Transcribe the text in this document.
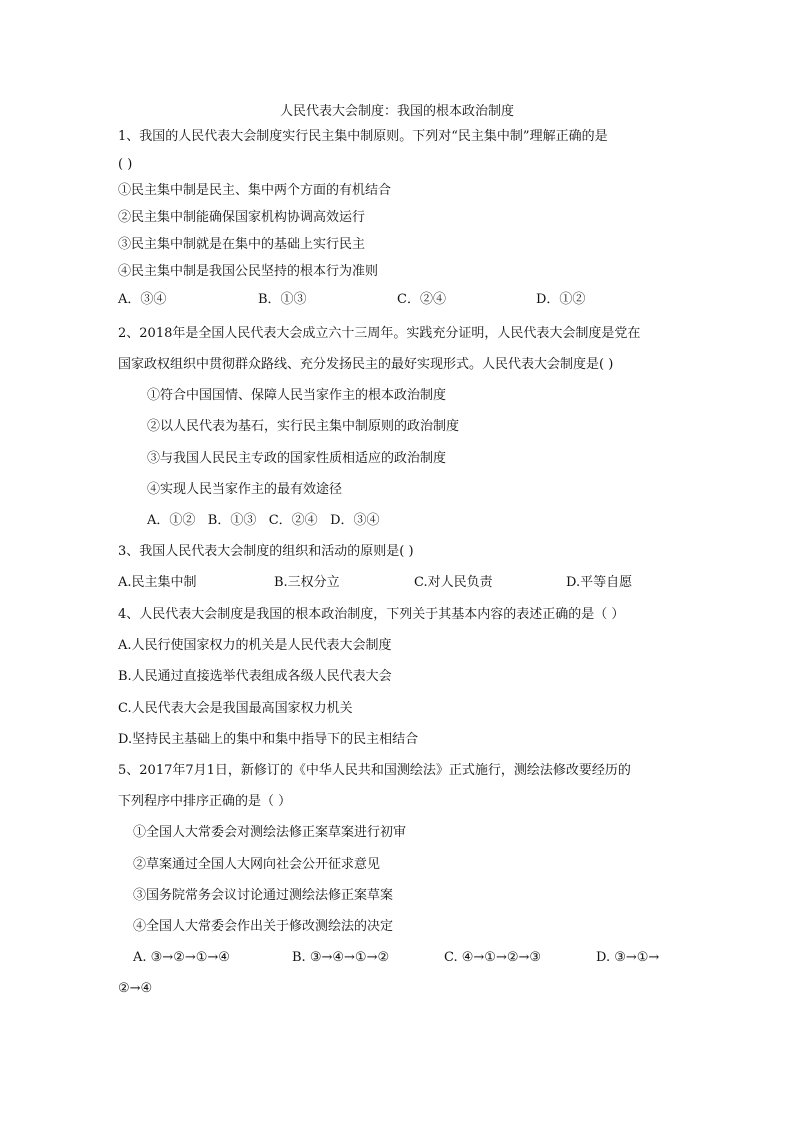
人民代表大会制度：我国的根本政治制度
1、我国的人民代表大会制度实行民主集中制原则。下列对“民主集中制”理解正确的是
( )
①民主集中制是民主、集中两个方面的有机结合
②民主集中制能确保国家机构协调高效运行
③民主集中制就是在集中的基础上实行民主
④民主集中制是我国公民坚持的根本行为准则
A．③④	B．①③	C．②④	D．①②
2、2018年是全国人民代表大会成立六十三周年。实践充分证明，人民代表大会制度是党在
国家政权组织中贯彻群众路线、充分发扬民主的最好实现形式。人民代表大会制度是( )
①符合中国国情、保障人民当家作主的根本政治制度
②以人民代表为基石，实行民主集中制原则的政治制度
③与我国人民民主专政的国家性质相适应的政治制度
④实现人民当家作主的最有效途径
A．①②   B．①③   C．②④   D．③④
3、我国人民代表大会制度的组织和活动的原则是( )
A.民主集中制	B.三权分立	C.对人民负责	D.平等自愿
4、人民代表大会制度是我国的根本政治制度，下列关于其基本内容的表述正确的是（ ）
A.人民行使国家权力的机关是人民代表大会制度
B.人民通过直接选举代表组成各级人民代表大会
C.人民代表大会是我国最高国家权力机关
D.坚持民主基础上的集中和集中指导下的民主相结合
5、2017年7月1日，新修订的《中华人民共和国测绘法》正式施行，测绘法修改要经历的
下列程序中排序正确的是（ ）
①全国人大常委会对测绘法修正案草案进行初审
②草案通过全国人大网向社会公开征求意见
③国务院常务会议讨论通过测绘法修正案草案
④全国人大常委会作出关于修改测绘法的决定
A. ③→②→①→④	B. ③→④→①→②	C. ④→①→②→③	D. ③→①→
②→④
